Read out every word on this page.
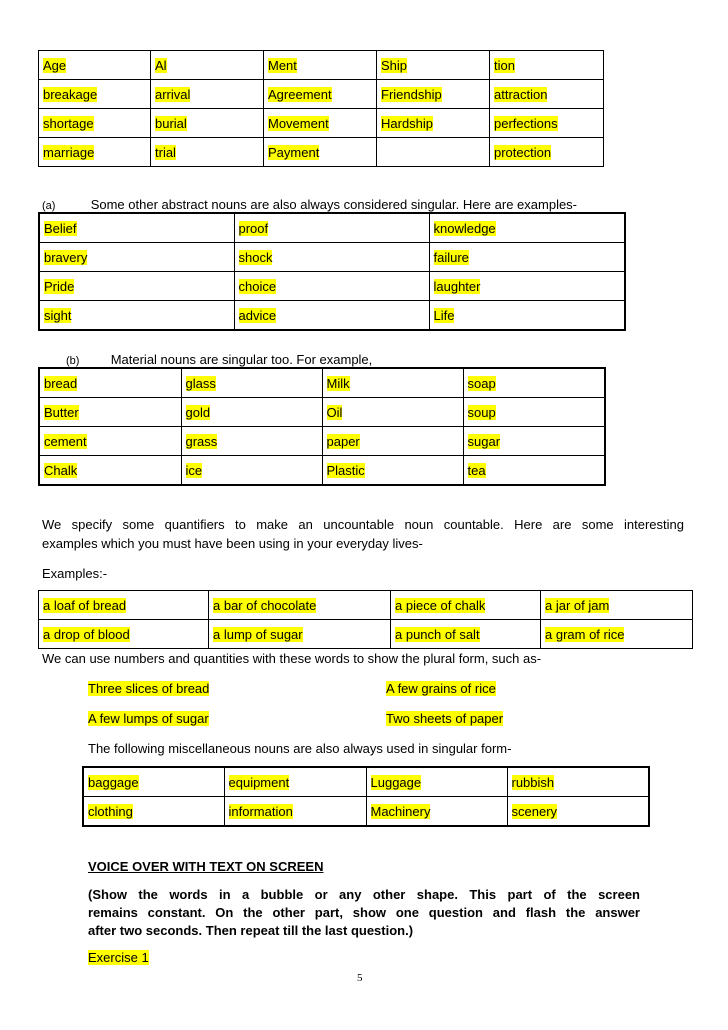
Age	Al	Ment	Ship	tion
breakage	arrival	Agreement	Friendship	attraction
shortage	burial	Movement	Hardship	perfections
marriage	trial	Payment		protection
(a)	Some other abstract nouns are also always considered singular. Here are examples-
Belief	proof	knowledge
bravery	shock	failure
Pride	choice	laughter
sight	advice	Life
(b) Material nouns are singular too. For example,
bread	glass	Milk	soap
Butter	gold	Oil	soup
cement	grass	paper	sugar
Chalk	ice	Plastic	tea
We specify some quantifiers to make an uncountable noun countable. Here are some interesting
examples which you must have been using in your everyday lives-
Examples:-
a loaf of bread	a bar of chocolate	a piece of chalk	a jar of jam
a drop of blood	a lump of sugar	a punch of salt	a gram of rice
We can use numbers and quantities with these words to show the plural form, such as-
Three slices of bread	A few grains of rice
A few lumps of sugar	Two sheets of paper
The following miscellaneous nouns are also always used in singular form-
baggage	equipment	Luggage	rubbish
clothing	information	Machinery	scenery
VOICE OVER WITH TEXT ON SCREEN
(Show the words in a bubble or any other shape. This part of the screen
remains constant. On the other part, show one question and flash the answer
after two seconds. Then repeat till the last question.)
Exercise 1
5
